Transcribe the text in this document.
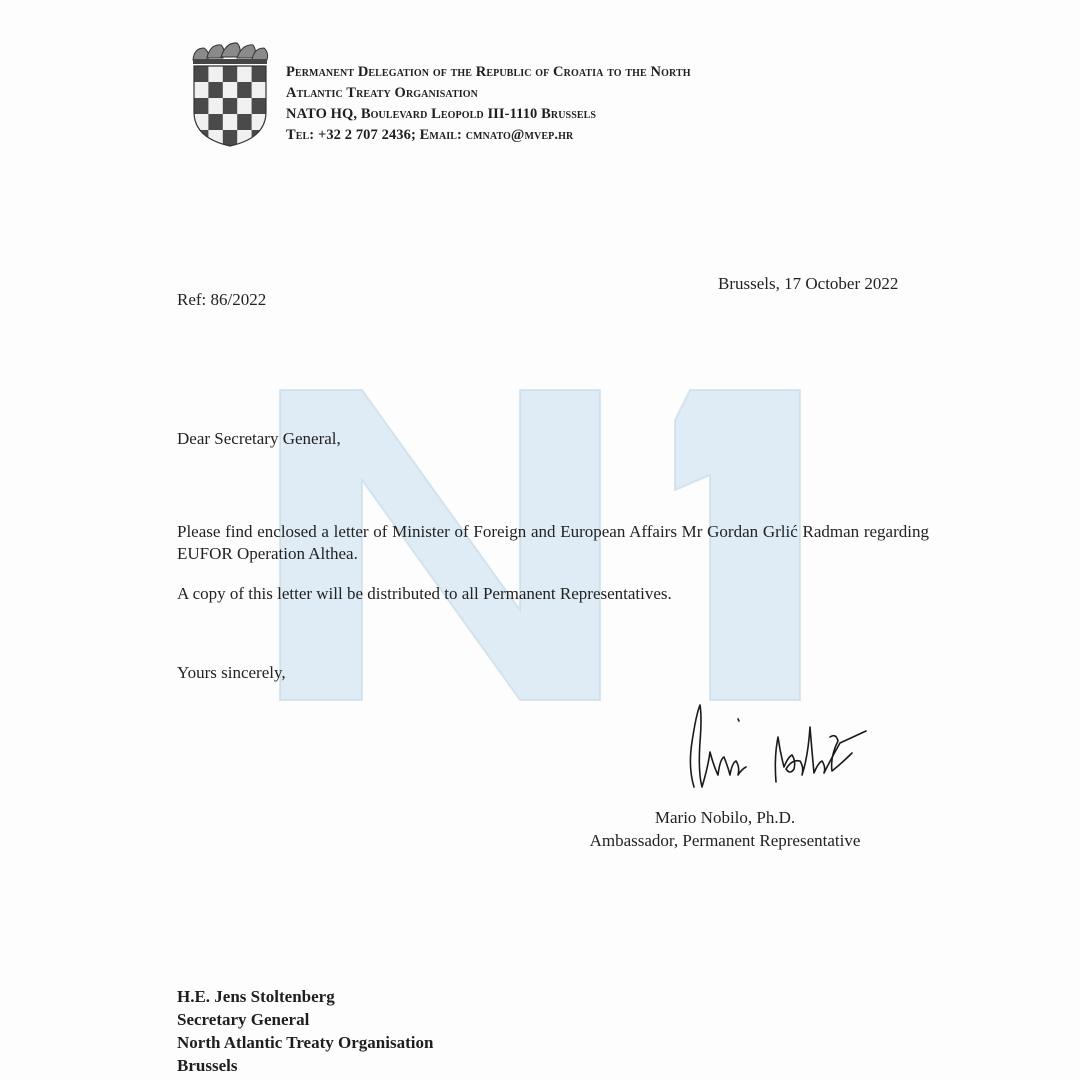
Permanent Delegation of the Republic of Croatia to the North
Atlantic Treaty Organisation
NATO HQ, Boulevard Leopold III-1110 Brussels
Tel: +32 2 707 2436; Email: cmnato@mvep.hr
Brussels, 17 October 2022
Ref: 86/2022
Dear Secretary General,
Please find enclosed a letter of Minister of Foreign and European Affairs Mr Gordan Grlić Radman regarding EUFOR Operation Althea.
A copy of this letter will be distributed to all Permanent Representatives.
Yours sincerely,
Mario Nobilo, Ph.D.
Ambassador, Permanent Representative
H.E. Jens Stoltenberg
Secretary General
North Atlantic Treaty Organisation
Brussels
